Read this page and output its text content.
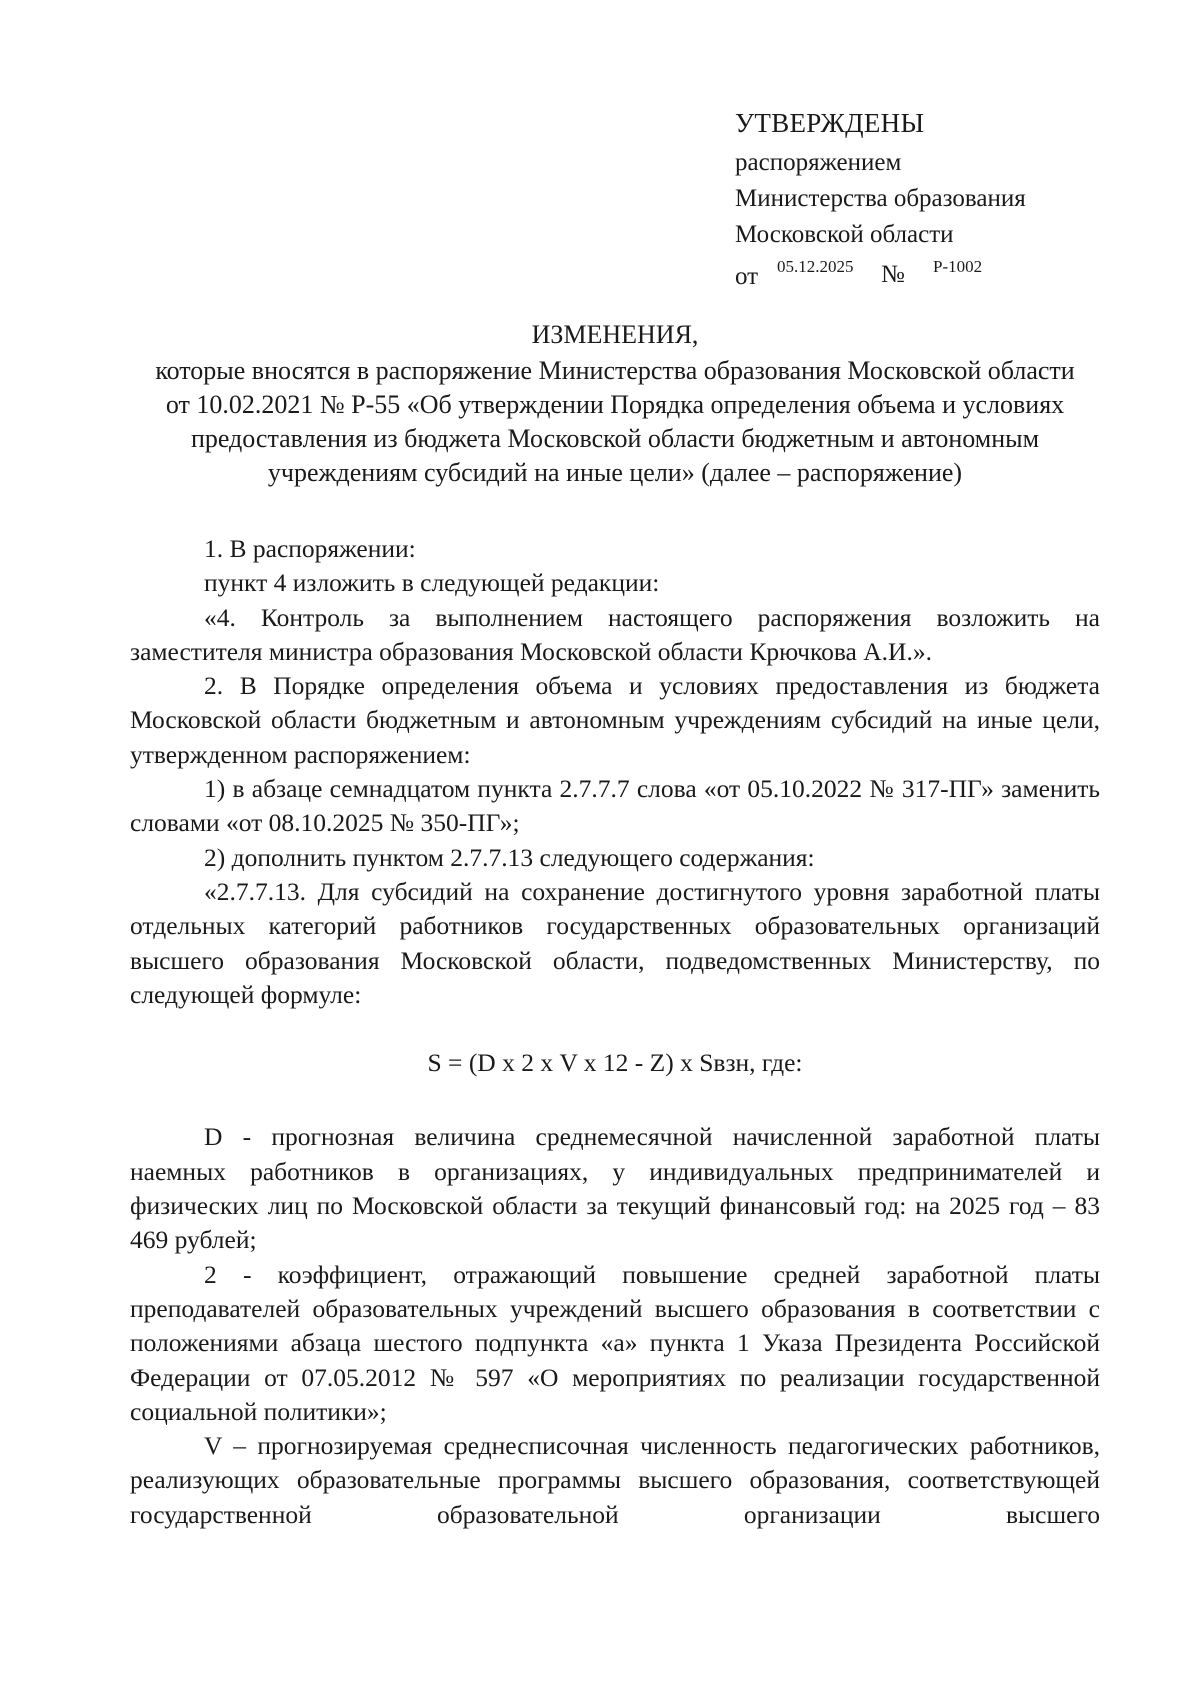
УТВЕРЖДЕНЫ
распоряжением
Министерства образования
Московской области
от 05.12.2025 № Р-1002
ИЗМЕНЕНИЯ,
которые вносятся в распоряжение Министерства образования Московской области
от 10.02.2021 № Р-55 «Об утверждении Порядка определения объема и условиях
предоставления из бюджета Московской области бюджетным и автономным
учреждениям субсидий на иные цели» (далее – распоряжение)

1. В распоряжении:

пункт 4 изложить в следующей редакции:

«4. Контроль за выполнением настоящего распоряжения возложить на заместителя министра образования Московской области Крючкова А.И.».

2. В Порядке определения объема и условиях предоставления из бюджета Московской области бюджетным и автономным учреждениям субсидий на иные цели, утвержденном распоряжением:

1) в абзаце семнадцатом пункта 2.7.7.7 слова «от 05.10.2022 № 317-ПГ» заменить словами «от 08.10.2025 № 350-ПГ»;

2) дополнить пунктом 2.7.7.13 следующего содержания:

«2.7.7.13. Для субсидий на сохранение достигнутого уровня заработной платы отдельных категорий работников государственных образовательных организаций высшего образования Московской области, подведомственных Министерству, по следующей формуле:

S = (D х 2 х V х 12 - Z) х Sвзн, где:

D - прогнозная величина среднемесячной начисленной заработной платы наемных работников в организациях, у индивидуальных предпринимателей и физических лиц по Московской области за текущий финансовый год: на 2025 год – 83 469 рублей;

2 - коэффициент, отражающий повышение средней заработной платы преподавателей образовательных учреждений высшего образования в соответствии с положениями абзаца шестого подпункта «а» пункта 1 Указа Президента Российской Федерации от 07.05.2012 № 597 «О мероприятиях по реализации государственной социальной политики»;

V – прогнозируемая среднесписочная численность педагогических работников, реализующих образовательные программы высшего образования, соответствующей государственной образовательной организации высшего
